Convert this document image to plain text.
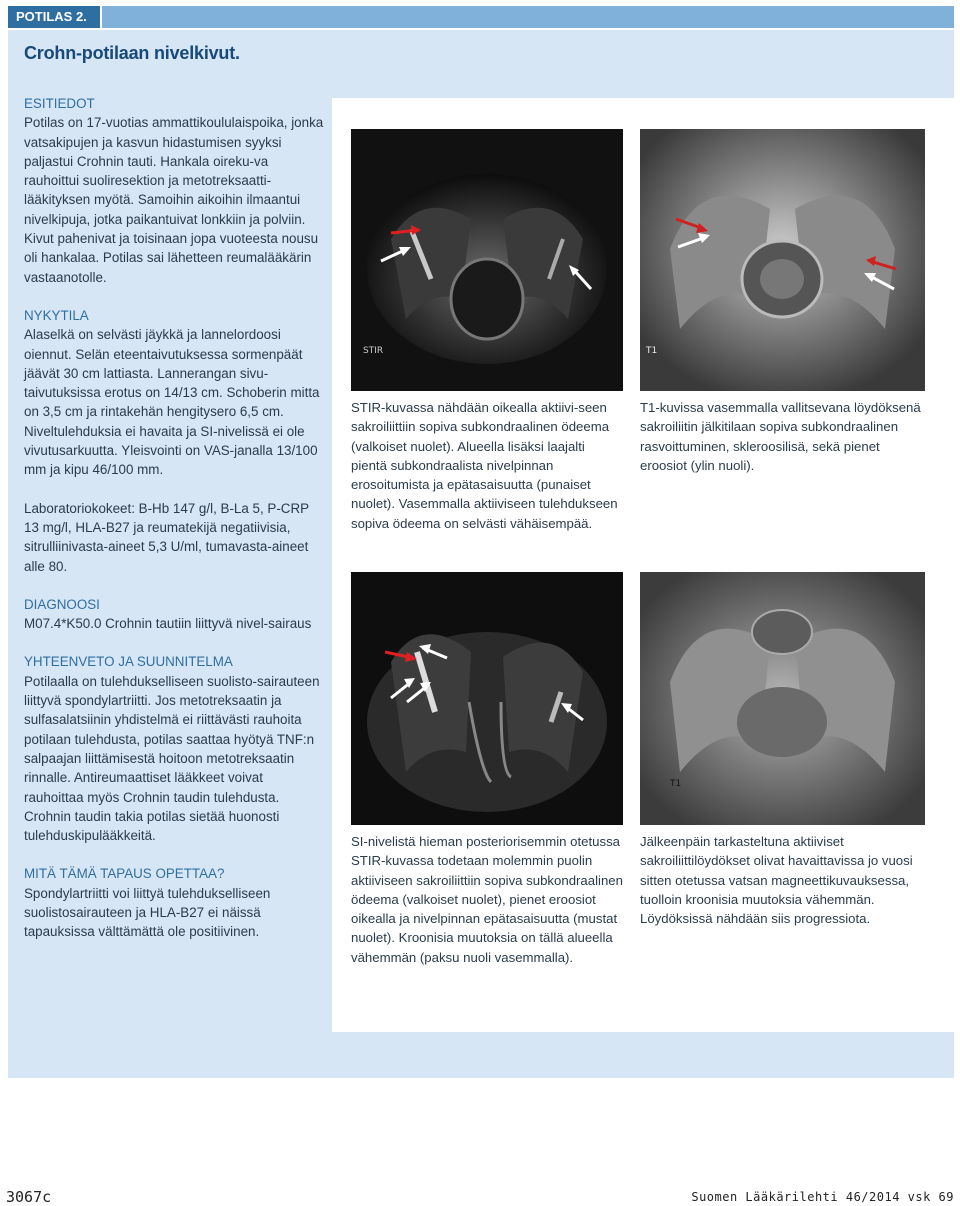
POTILAS 2.
Crohn-potilaan nivelkivut.

ESITIEDOT

Potilas on 17-vuotias ammattikoululaispoika, jonka vatsakipujen ja kasvun hidastumisen syyksi paljastui Crohnin tauti. Hankala oireku-va rauhoittui suoliresektion ja metotreksaatti-lääkityksen myötä. Samoihin aikoihin ilmaantui nivelkipuja, jotka paikantuivat lonkkiin ja polviin. Kivut pahenivat ja toisinaan jopa vuoteesta nousu oli hankalaa. Potilas sai lähetteen reumalääkärin vastaanotolle.

NYKYTILA

Alaselkä on selvästi jäykkä ja lannelordoosi oiennut. Selän eteentaivutuksessa sormenpäät jäävät 30 cm lattiasta. Lannerangan sivu-taivutuksissa erotus on 14/13 cm. Schoberin mitta on 3,5 cm ja rintakehän hengitysero 6,5 cm. Niveltulehduksia ei havaita ja SI-nivelissä ei ole vivutusarkuutta. Yleisvointi on VAS-janalla 13/100 mm ja kipu 46/100 mm.

Laboratoriokokeet: B-Hb 147 g/l, B-La 5, P-CRP 13 mg/l, HLA-B27 ja reumatekijä negatiivisia, sitrulliinivasta-aineet 5,3 U/ml, tumavasta-aineet alle 80.

DIAGNOOSI

M07.4*K50.0 Crohnin tautiin liittyvä nivel-sairaus

YHTEENVETO JA SUUNNITELMA

Potilaalla on tulehdukselliseen suolisto-sairauteen liittyvä spondylartriitti. Jos metotreksaatin ja sulfasalatsiinin yhdistelmä ei riittävästi rauhoita potilaan tulehdusta, potilas saattaa hyötyä TNF:n salpaajan liittämisestä hoitoon metotreksaatin rinnalle. Antireumaattiset lääkkeet voivat rauhoittaa myös Crohnin taudin tulehdusta. Crohnin taudin takia potilas sietää huonosti tulehduskipulääkkeitä.

MITÄ TÄMÄ TAPAUS OPETTAA?

Spondylartriitti voi liittyä tulehdukselliseen suolistosairauteen ja HLA-B27 ei näissä tapauksissa välttämättä ole positiivinen.

STIR	T1
STIR-kuvassa nähdään oikealla aktiivi-seen sakroiliittiin sopiva subkondraalinen ödeema (valkoiset nuolet). Alueella lisäksi laajalti pientä subkondraalista nivelpinnan erosoitumista ja epätasaisuutta (punaiset nuolet). Vasemmalla aktiiviseen tulehdukseen sopiva ödeema on selvästi vähäisempää.
T1-kuvissa vasemmalla vallitsevana löydöksenä sakroiliitin jälkitilaan sopiva subkondraalinen rasvoittuminen, skleroosilisä, sekä pienet eroosiot (ylin nuoli).
T1
SI-nivelistä hieman posteriorisemmin otetussa STIR-kuvassa todetaan molemmin puolin aktiiviseen sakroiliittiin sopiva subkondraalinen ödeema (valkoiset nuolet), pienet eroosiot oikealla ja nivelpinnan epätasaisuutta (mustat nuolet). Kroonisia muutoksia on tällä alueella vähemmän (paksu nuoli vasemmalla).
Jälkeenpäin tarkasteltuna aktiiviset sakroiliittilöydökset olivat havaittavissa jo vuosi sitten otetussa vatsan magneettikuvauksessa, tuolloin kroonisia muutoksia vähemmän. Löydöksissä nähdään siis progressiota.
3067c	Suomen Lääkärilehti 46/2014 vsk 69
